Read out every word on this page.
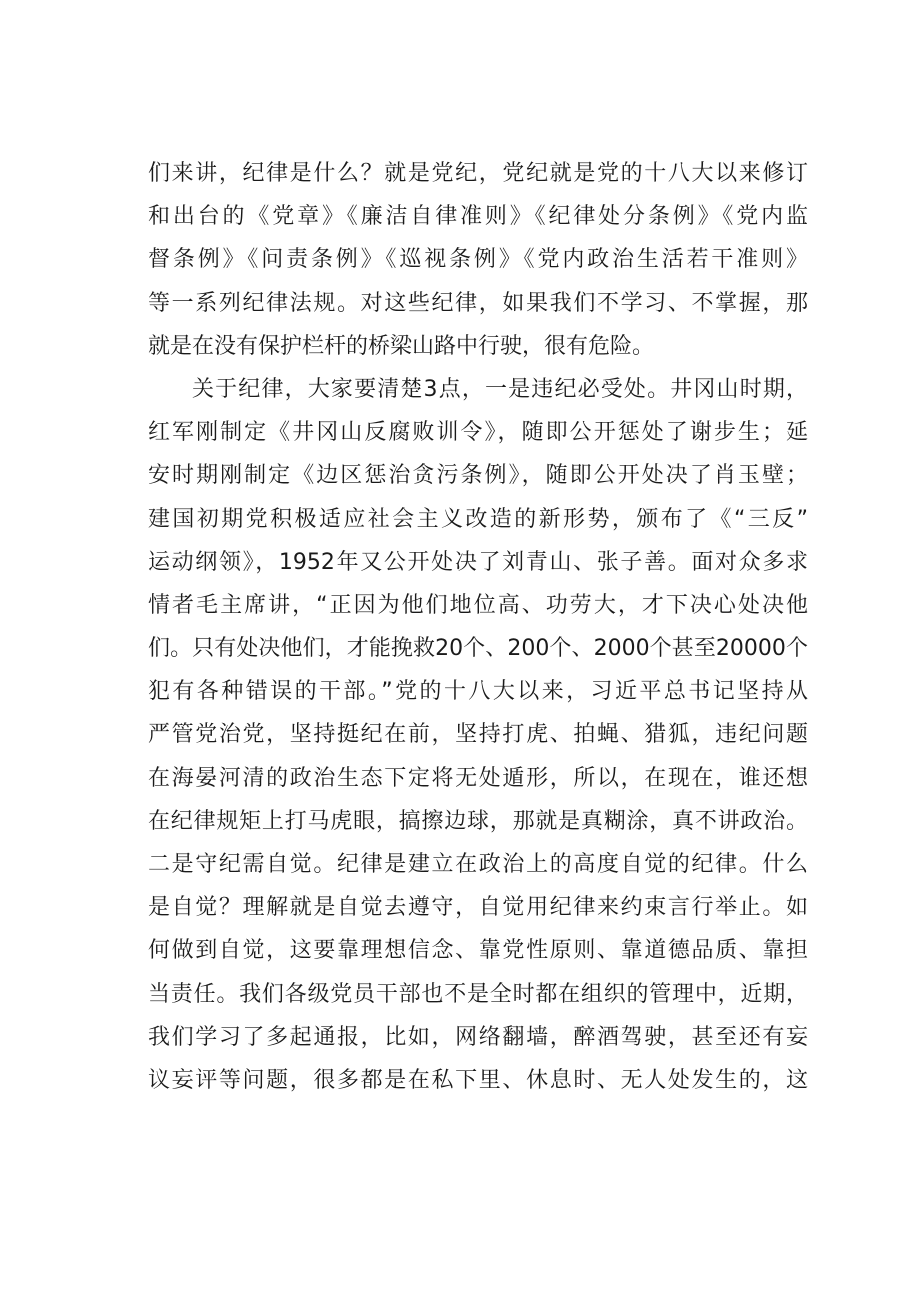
们来讲，纪律是什么？就是党纪，党纪就是党的十八大以来修订
和出台的《党章》《廉洁自律准则》《纪律处分条例》《党内监
督条例》《问责条例》《巡视条例》《党内政治生活若干准则》
等一系列纪律法规。对这些纪律，如果我们不学习、不掌握，那
就是在没有保护栏杆的桥梁山路中行驶，很有危险。
关于纪律，大家要清楚3点，一是违纪必受处。井冈山时期，
红军刚制定《井冈山反腐败训令》，随即公开惩处了谢步生；延
安时期刚制定《边区惩治贪污条例》，随即公开处决了肖玉壁；
建国初期党积极适应社会主义改造的新形势，颁布了《“三反”
运动纲领》，1952年又公开处决了刘青山、张子善。面对众多求
情者毛主席讲，“正因为他们地位高、功劳大，才下决心处决他
们。只有处决他们，才能挽救20个、200个、2000个甚至20000个
犯有各种错误的干部。”党的十八大以来，习近平总书记坚持从
严管党治党，坚持挺纪在前，坚持打虎、拍蝇、猎狐，违纪问题
在海晏河清的政治生态下定将无处遁形，所以，在现在，谁还想
在纪律规矩上打马虎眼，搞擦边球，那就是真糊涂，真不讲政治。
二是守纪需自觉。纪律是建立在政治上的高度自觉的纪律。什么
是自觉？理解就是自觉去遵守，自觉用纪律来约束言行举止。如
何做到自觉，这要靠理想信念、靠党性原则、靠道德品质、靠担
当责任。我们各级党员干部也不是全时都在组织的管理中，近期，
我们学习了多起通报，比如，网络翻墙，醉酒驾驶，甚至还有妄
议妄评等问题，很多都是在私下里、休息时、无人处发生的，这
